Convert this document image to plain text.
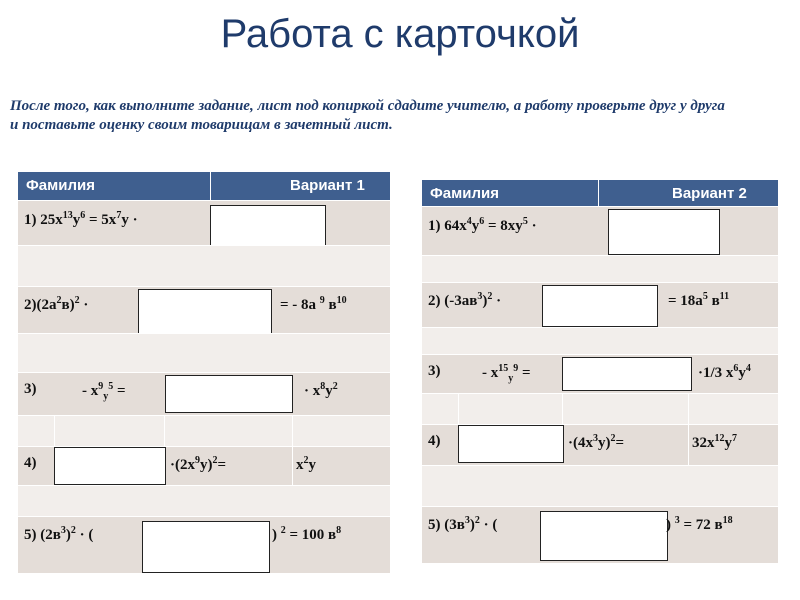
Работа с карточкой
После того, как выполните задание, лист под копиркой сдадите учителю, а работу проверьте друг у друга и поставьте оценку своим товарищам в зачетный лист.
Фамилия	Вариант 1
1) $25x^{13}y^6 = 5x^7y$ ·
$2)(2a^2в)^2$ ·	= - 8a $^9$ $в^{10}$
3)	- $x^9_y^5$ =	· $x^8y^2$
4)	$\cdot(2x^9y)^2=$	$x^2y$
5) $(2в^3)^2$ · (	) $^2$ = 100 $в^8$
Фамилия	Вариант 2
1) $64x^4y^6 = 8xy^5$ ·
2) $(-3aв^3)^2$ ·	= $18a^5$ $в^{11}$
3)	- $x^{15}_y^9$ =	·1/3 $x^6y^4$
4)	$\cdot(4x^3y)^2=$	$32x^{12}y^7$
5) $(3в^3)^2$ · (	) $^3$ = 72 $в^{18}$
